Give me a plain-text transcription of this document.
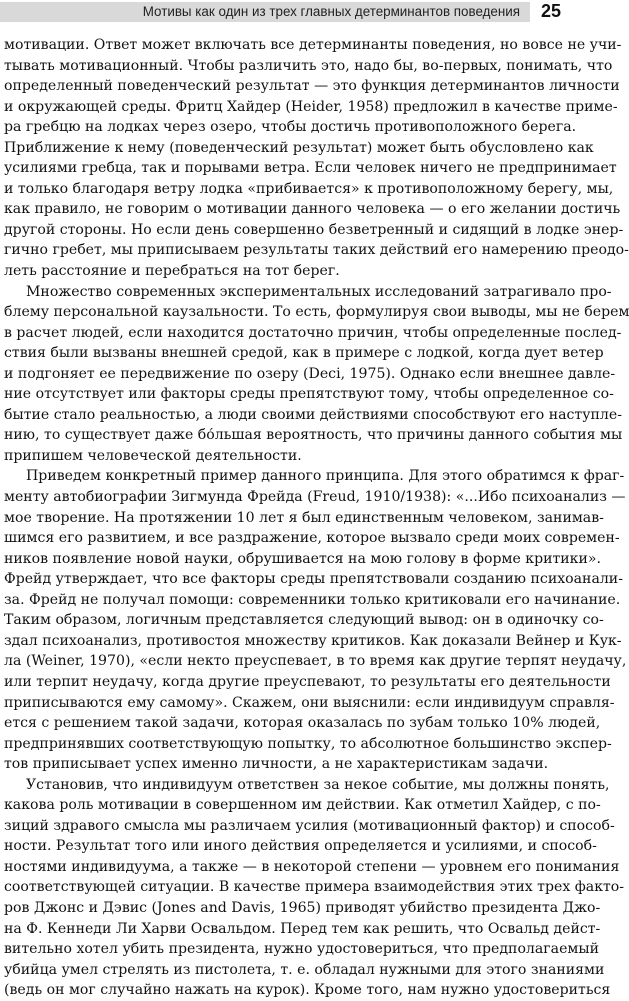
Мотивы как один из трех главных детерминантов поведения 25
мотивации. Ответ может включать все детерминанты поведения, но вовсе не учи-
тывать мотивационный. Чтобы различить это, надо бы, во-первых, понимать, что
определенный поведенческий результат — это функция детерминантов личности
и окружающей среды. Фритц Хайдер (Heider, 1958) предложил в качестве приме-
ра гребцю на лодках через озеро, чтобы достичь противоположного берега.
Приближение к нему (поведенческий результат) может быть обусловлено как
усилиями гребца, так и порывами ветра. Если человек ничего не предпринимает
и только благодаря ветру лодка «прибивается» к противоположному берегу, мы,
как правило, не говорим о мотивации данного человека — о его желании достичь
другой стороны. Но если день совершенно безветренный и сидящий в лодке энер-
гично гребет, мы приписываем результаты таких действий его намерению преодо-
леть расстояние и перебраться на тот берег.
Множество современных экспериментальных исследований затрагивало про-
блему персональной каузальности. То есть, формулируя свои выводы, мы не берем
в расчет людей, если находится достаточно причин, чтобы определенные послед-
ствия были вызваны внешней средой, как в примере с лодкой, когда дует ветер
и подгоняет ее передвижение по озеру (Deci, 1975). Однако если внешнее давле-
ние отсутствует или факторы среды препятствуют тому, чтобы определенное со-
бытие стало реальностью, а люди своими действиями способствуют его наступле-
нию, то существует даже бо́льшая вероятность, что причины данного события мы
припишем человеческой деятельности.
Приведем конкретный пример данного принципа. Для этого обратимся к фраг-
менту автобиографии Зигмунда Фрейда (Freud, 1910/1938): «...Ибо психоанализ —
мое творение. На протяжении 10 лет я был единственным человеком, занимав-
шимся его развитием, и все раздражение, которое вызвало среди моих современ-
ников появление новой науки, обрушивается на мою голову в форме критики».
Фрейд утверждает, что все факторы среды препятствовали созданию психоанали-
за. Фрейд не получал помощи: современники только критиковали его начинание.
Таким образом, логичным представляется следующий вывод: он в одиночку со-
здал психоанализ, противостоя множеству критиков. Как доказали Вейнер и Кук-
ла (Weiner, 1970), «если некто преуспевает, в то время как другие терпят неудачу,
или терпит неудачу, когда другие преуспевают, то результаты его деятельности
приписываются ему самому». Скажем, они выяснили: если индивидуум справля-
ется с решением такой задачи, которая оказалась по зубам только 10% людей,
предпринявших соответствующую попытку, то абсолютное большинство экспер-
тов приписывает успех именно личности, а не характеристикам задачи.
Установив, что индивидуум ответствен за некое событие, мы должны понять,
какова роль мотивации в совершенном им действии. Как отметил Хайдер, с по-
зиций здравого смысла мы различаем усилия (мотивационный фактор) и способ-
ности. Результат того или иного действия определяется и усилиями, и способ-
ностями индивидуума, а также — в некоторой степени — уровнем его понимания
соответствующей ситуации. В качестве примера взаимодействия этих трех факто-
ров Джонс и Дэвис (Jones and Davis, 1965) приводят убийство президента Джо-
на Ф. Кеннеди Ли Харви Освальдом. Перед тем как решить, что Освальд дейст-
вительно хотел убить президента, нужно удостовериться, что предполагаемый
убийца умел стрелять из пистолета, т. е. обладал нужными для этого знаниями
(ведь он мог случайно нажать на курок). Кроме того, нам нужно удостовериться
